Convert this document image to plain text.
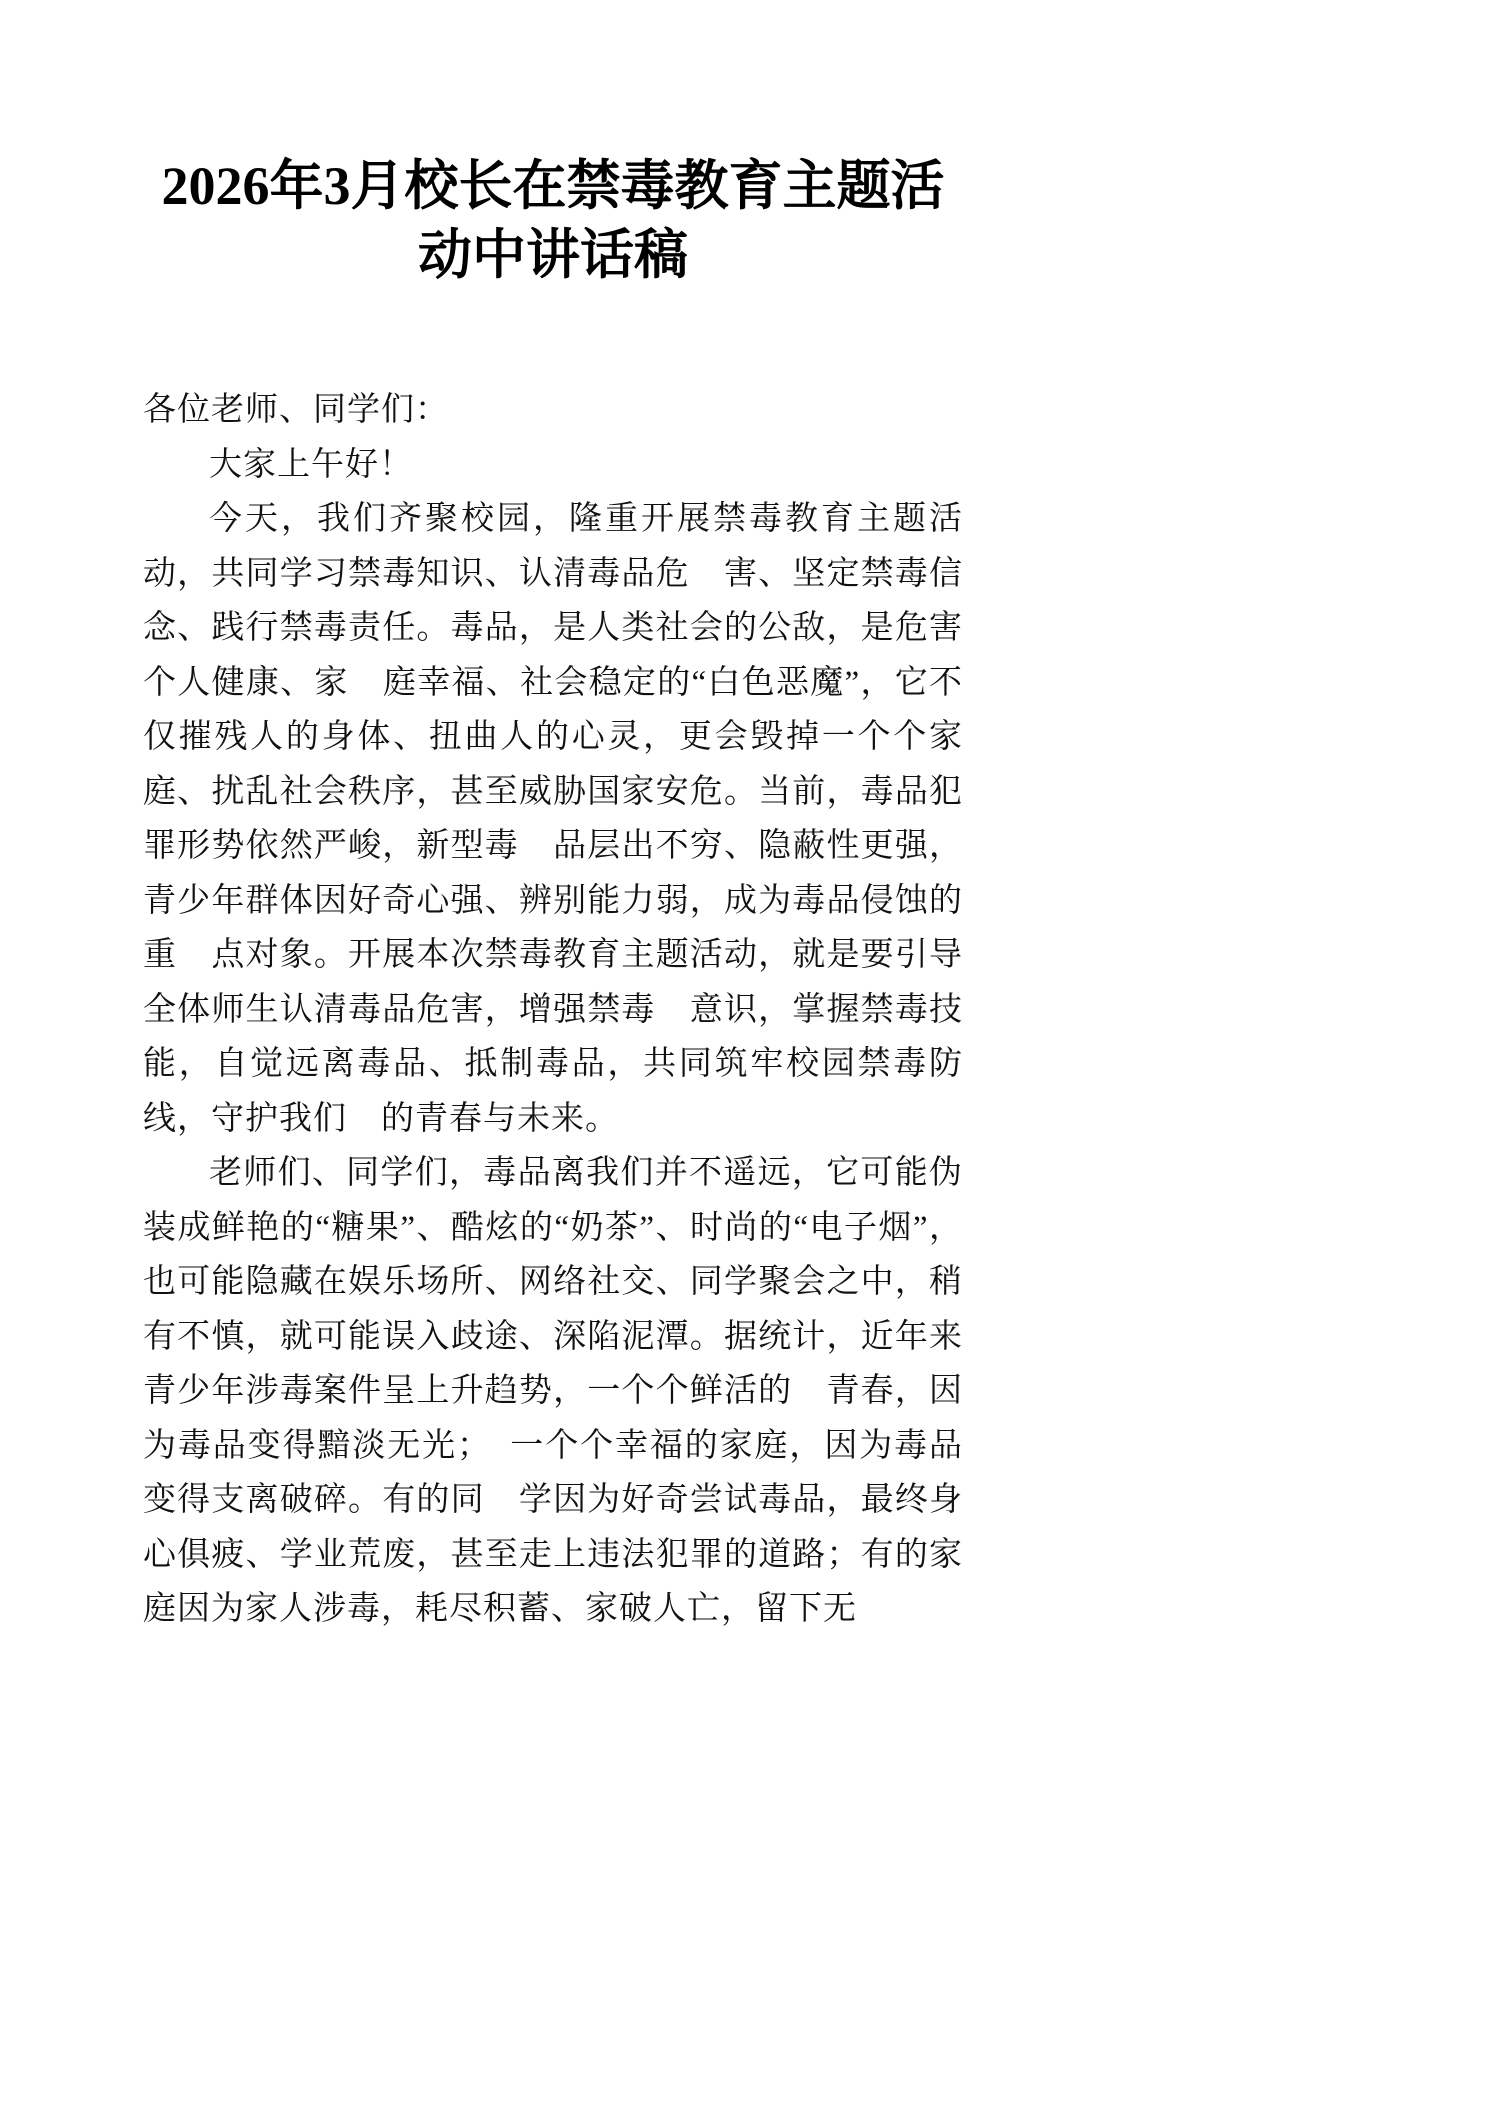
2026年3月校长在禁毒教育主题活动中讲话稿

各位老师、同学们：

大家上午好！

今天，我们齐聚校园，隆重开展禁毒教育主题活动，共同学习禁毒知识、认清毒品危　害、坚定禁毒信念、践行禁毒责任。毒品，是人类社会的公敌，是危害个人健康、家　庭幸福、社会稳定的“白色恶魔”，它不仅摧残人的身体、扭曲人的心灵，更会毁掉一个个家庭、扰乱社会秩序，甚至威胁国家安危。当前，毒品犯罪形势依然严峻，新型毒　品层出不穷、隐蔽性更强，青少年群体因好奇心强、辨别能力弱，成为毒品侵蚀的重　点对象。开展本次禁毒教育主题活动，就是要引导全体师生认清毒品危害，增强禁毒　意识，掌握禁毒技能，自觉远离毒品、抵制毒品，共同筑牢校园禁毒防线，守护我们　的青春与未来。

老师们、同学们，毒品离我们并不遥远，它可能伪装成鲜艳的“糖果”、酷炫的“奶茶”、时尚的“电子烟”，也可能隐藏在娱乐场所、网络社交、同学聚会之中，稍有不慎，就可能误入歧途、深陷泥潭。据统计，近年来青少年涉毒案件呈上升趋势，一个个鲜活的　青春，因为毒品变得黯淡无光；　一个个幸福的家庭，因为毒品变得支离破碎。有的同　学因为好奇尝试毒品，最终身心俱疲、学业荒废，甚至走上违法犯罪的道路；有的家　庭因为家人涉毒，耗尽积蓄、家破人亡，留下无
